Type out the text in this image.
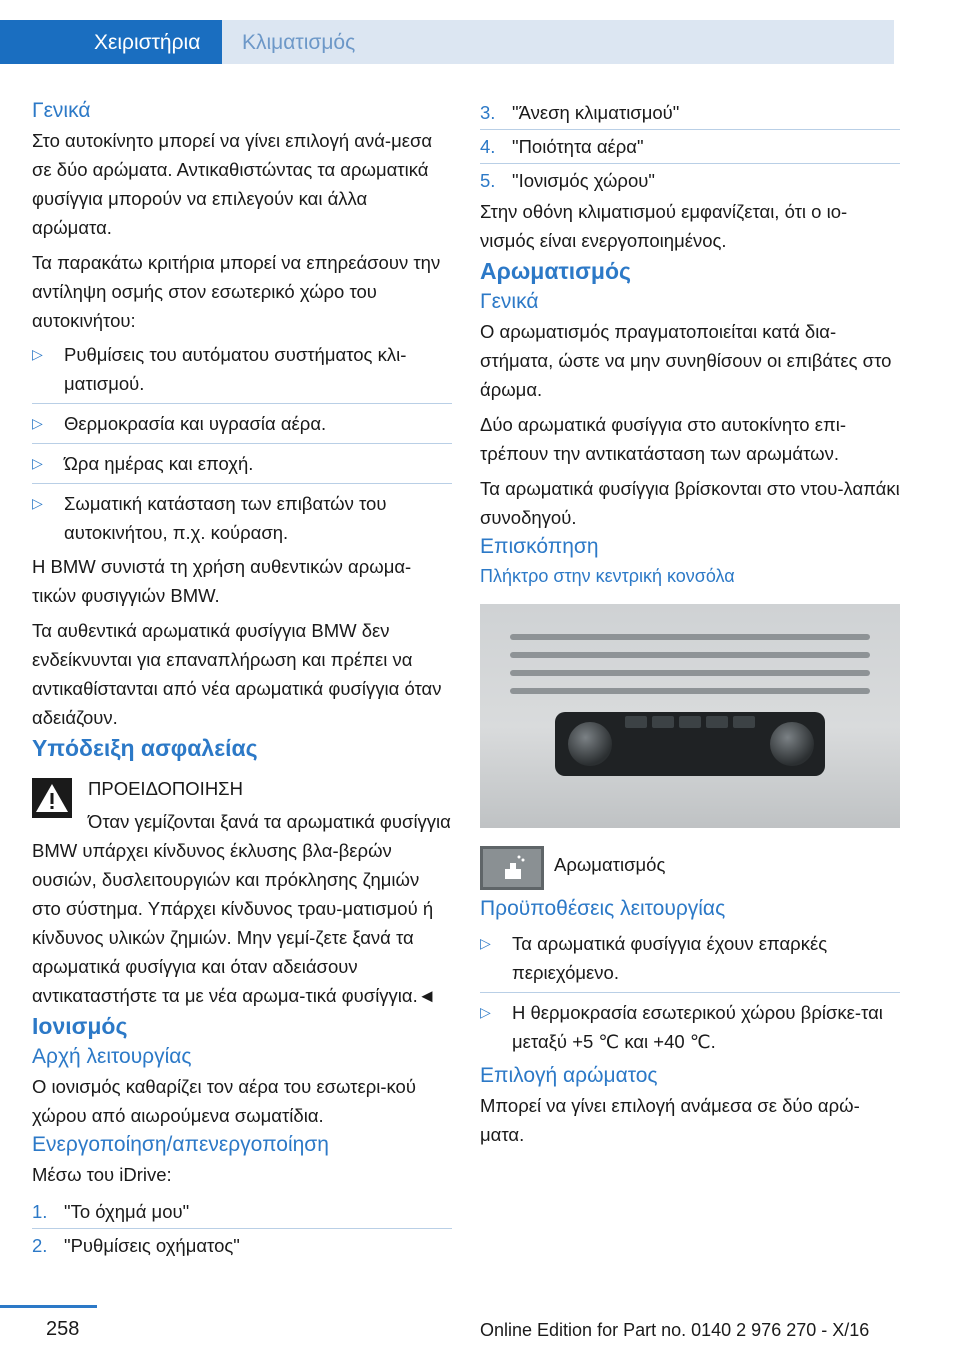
Χειριστήρια	Κλιματισμός
Γενικά

Στο αυτοκίνητο μπορεί να γίνει επιλογή ανά-μεσα σε δύο αρώματα. Αντικαθιστώντας τα αρωματικά φυσίγγια μπορούν να επιλεγούν και άλλα αρώματα.

Τα παρακάτω κριτήρια μπορεί να επηρεάσουν την αντίληψη οσμής στον εσωτερικό χώρο του αυτοκινήτου:

▷ Ρυθμίσεις του αυτόματου συστήματος κλι-ματισμού.
▷ Θερμοκρασία και υγρασία αέρα.
▷ Ώρα ημέρας και εποχή.
▷ Σωματική κατάσταση των επιβατών του αυτοκινήτου, π.χ. κούραση.

Η BMW συνιστά τη χρήση αυθεντικών αρωμα-τικών φυσιγγιών BMW.

Τα αυθεντικά αρωματικά φυσίγγια BMW δεν ενδείκνυνται για επαναπλήρωση και πρέπει να αντικαθίστανται από νέα αρωματικά φυσίγγια όταν αδειάζουν.

Υπόδειξη ασφαλείας
ΠΡΟΕΙΔΟΠΟΙΗΣΗ

Όταν γεμίζονται ξανά τα αρωματικά φυσίγγια BMW υπάρχει κίνδυνος έκλυσης βλα-βερών ουσιών, δυσλειτουργιών και πρόκλησης ζημιών στο σύστημα. Υπάρχει κίνδυνος τραυ-ματισμού ή κίνδυνος υλικών ζημιών. Μην γεμί-ζετε ξανά τα αρωματικά φυσίγγια και όταν αδειάσουν αντικαταστήστε τα με νέα αρωμα-τικά φυσίγγια.◄

Ιονισμός
Αρχή λειτουργίας

Ο ιονισμός καθαρίζει τον αέρα του εσωτερι-κού χώρου από αιωρούμενα σωματίδια.

Ενεργοποίηση/απενεργοποίηση

Μέσω του iDrive:

1. "Το όχημά μου"
2. "Ρυθμίσεις οχήματος"
3. "Άνεση κλιματισμού"
4. "Ποιότητα αέρα"
5. "Ιονισμός χώρου"

Στην οθόνη κλιματισμού εμφανίζεται, ότι ο ιο-νισμός είναι ενεργοποιημένος.

Αρωματισμός
Γενικά

Ο αρωματισμός πραγματοποιείται κατά δια-στήματα, ώστε να μην συνηθίσουν οι επιβάτες στο άρωμα.

Δύο αρωματικά φυσίγγια στο αυτοκίνητο επι-τρέπουν την αντικατάσταση των αρωμάτων.

Τα αρωματικά φυσίγγια βρίσκονται στο ντου-λαπάκι συνοδηγού.

Επισκόπηση
Πλήκτρο στην κεντρική κονσόλα
Αρωματισμός
Προϋποθέσεις λειτουργίας
▷ Τα αρωματικά φυσίγγια έχουν επαρκές περιεχόμενο.
▷ Η θερμοκρασία εσωτερικού χώρου βρίσκε-ται μεταξύ +5 ℃ και +40 ℃.
Επιλογή αρώματος

Μπορεί να γίνει επιλογή ανάμεσα σε δύο αρώ-ματα.

258	Online Edition for Part no. 0140 2 976 270 - X/16
